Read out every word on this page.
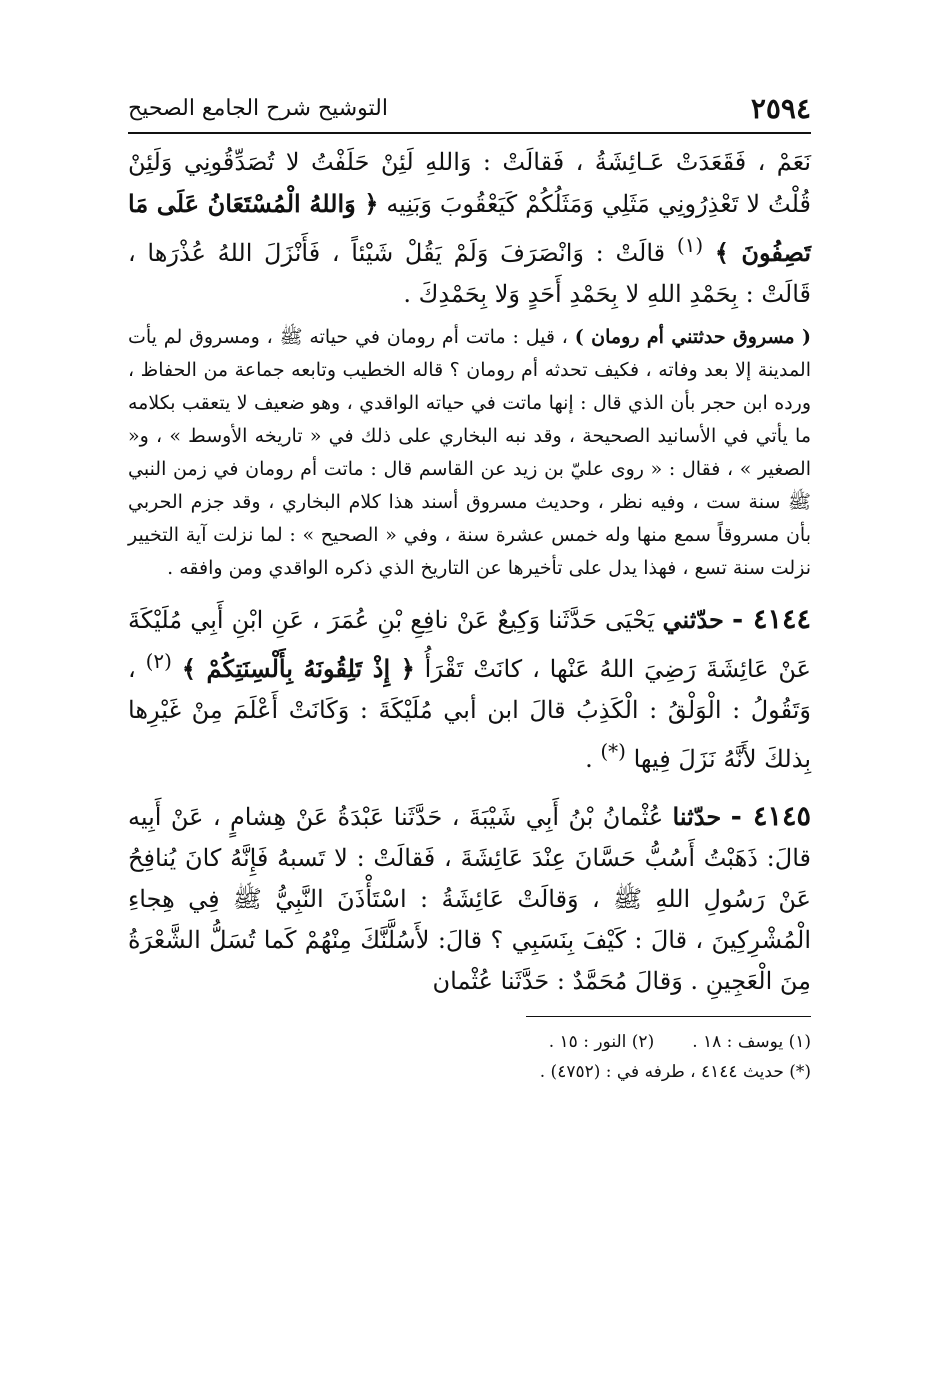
٢٥٩٤
التوشيح شرح الجامع الصحيح

نَعَمْ ، فَقَعَدَتْ عَـائِشَةُ ، فَقالَتْ : وَاللهِ لَئِنْ حَلَفْتُ لا تُصَدِّقُونِي وَلَئِنْ قُلْتُ لا تَعْذِرُونِي مَثَلِي وَمَثَلُكُمْ كَيَعْقُوبَ وَبَنِيه ﴿ وَاللهُ الْمُسْتَعَانُ عَلَى مَا تَصِفُونَ ﴾ $^{(١)}$ قالَتْ : وَانْصَرَفَ وَلَمْ يَقُلْ شَيْئاً ، فَأَنْزَلَ اللهُ عُذْرَها ، قَالَتْ : بِحَمْدِ اللهِ لا بِحَمْدِ أَحَدٍ وَلا بِحَمْدِكَ .

( مسروق حدثتني أم رومان ) ، قيل : ماتت أم رومان في حياته ﷺ ، ومسروق لم يأت المدينة إلا بعد وفاته ، فكيف تحدثه أم رومان ؟ قاله الخطيب وتابعه جماعة من الحفاظ ، ورده ابن حجر بأن الذي قال : إنها ماتت في حياته الواقدي ، وهو ضعيف لا يتعقب بكلامه ما يأتي في الأسانيد الصحيحة ، وقد نبه البخاري على ذلك في « تاريخه الأوسط » ، و« الصغير » ، فقال : « روى عليّ بن زيد عن القاسم قال : ماتت أم رومان في زمن النبي ﷺ سنة ست ، وفيه نظر ، وحديث مسروق أسند هذا كلام البخاري ، وقد جزم الحربي بأن مسروقاً سمع منها وله خمس عشرة سنة ، وفي « الصحيح » : لما نزلت آية التخيير نزلت سنة تسع ، فهذا يدل على تأخيرها عن التاريخ الذي ذكره الواقدي ومن وافقه .

٤١٤٤ - حدّثني يَحْيَى حَدَّثَنا وَكِيعٌ عَنْ نافِعِ بْنِ عُمَرَ ، عَنِ ابْنِ أَبِي مُلَيْكَةَ عَنْ عَائِشَةَ رَضِيَ اللهُ عَنْها ، كانَتْ تَقْرَأُ ﴿ إِذْ تَلِقُونَهُ بِأَلْسِنَتِكُمْ ﴾ $^{(٢)}$ ، وَتَقُولُ : الْوَلْقُ : الْكَذِبُ قالَ ابن أبي مُلَيْكَةَ : وَكَانَتْ أَعْلَمَ مِنْ غَيْرِها بِذلكَ لأَنَّهُ نَزَلَ فِيها (*) .

٤١٤٥ - حدّثنا عُثْمانُ بْنُ أَبِي شَيْبَةَ ، حَدَّثَنا عَبْدَةُ عَنْ هِشامٍ ، عَنْ أَبِيه قالَ: ذَهَبْتُ أَسُبُّ حَسَّانَ عِنْدَ عَائِشَةَ ، فَقالَتْ : لا تَسبهُ فَإِنَّهُ كانَ يُنافِحُ عَنْ رَسُولِ اللهِ ﷺ ، وَقالَتْ عَائِشَةُ : اسْتَأْذَنَ النَّبِيُّ ﷺ فِي هِجاءِ الْمُشْرِكِينَ ، قالَ : كَيْفَ بِنَسَبِي ؟ قالَ: لأَسُلَّنَّكَ مِنْهُمْ كَما تُسَلُّ الشَّعْرَةُ مِنَ الْعَجِينِ . وَقالَ مُحَمَّدٌ : حَدَّثَنا عُثْمان

(١) يوسف : ١٨ .
(٢) النور : ١٥ .
(*) حديث ٤١٤٤ ، طرفه في : (٤٧٥٢) .
